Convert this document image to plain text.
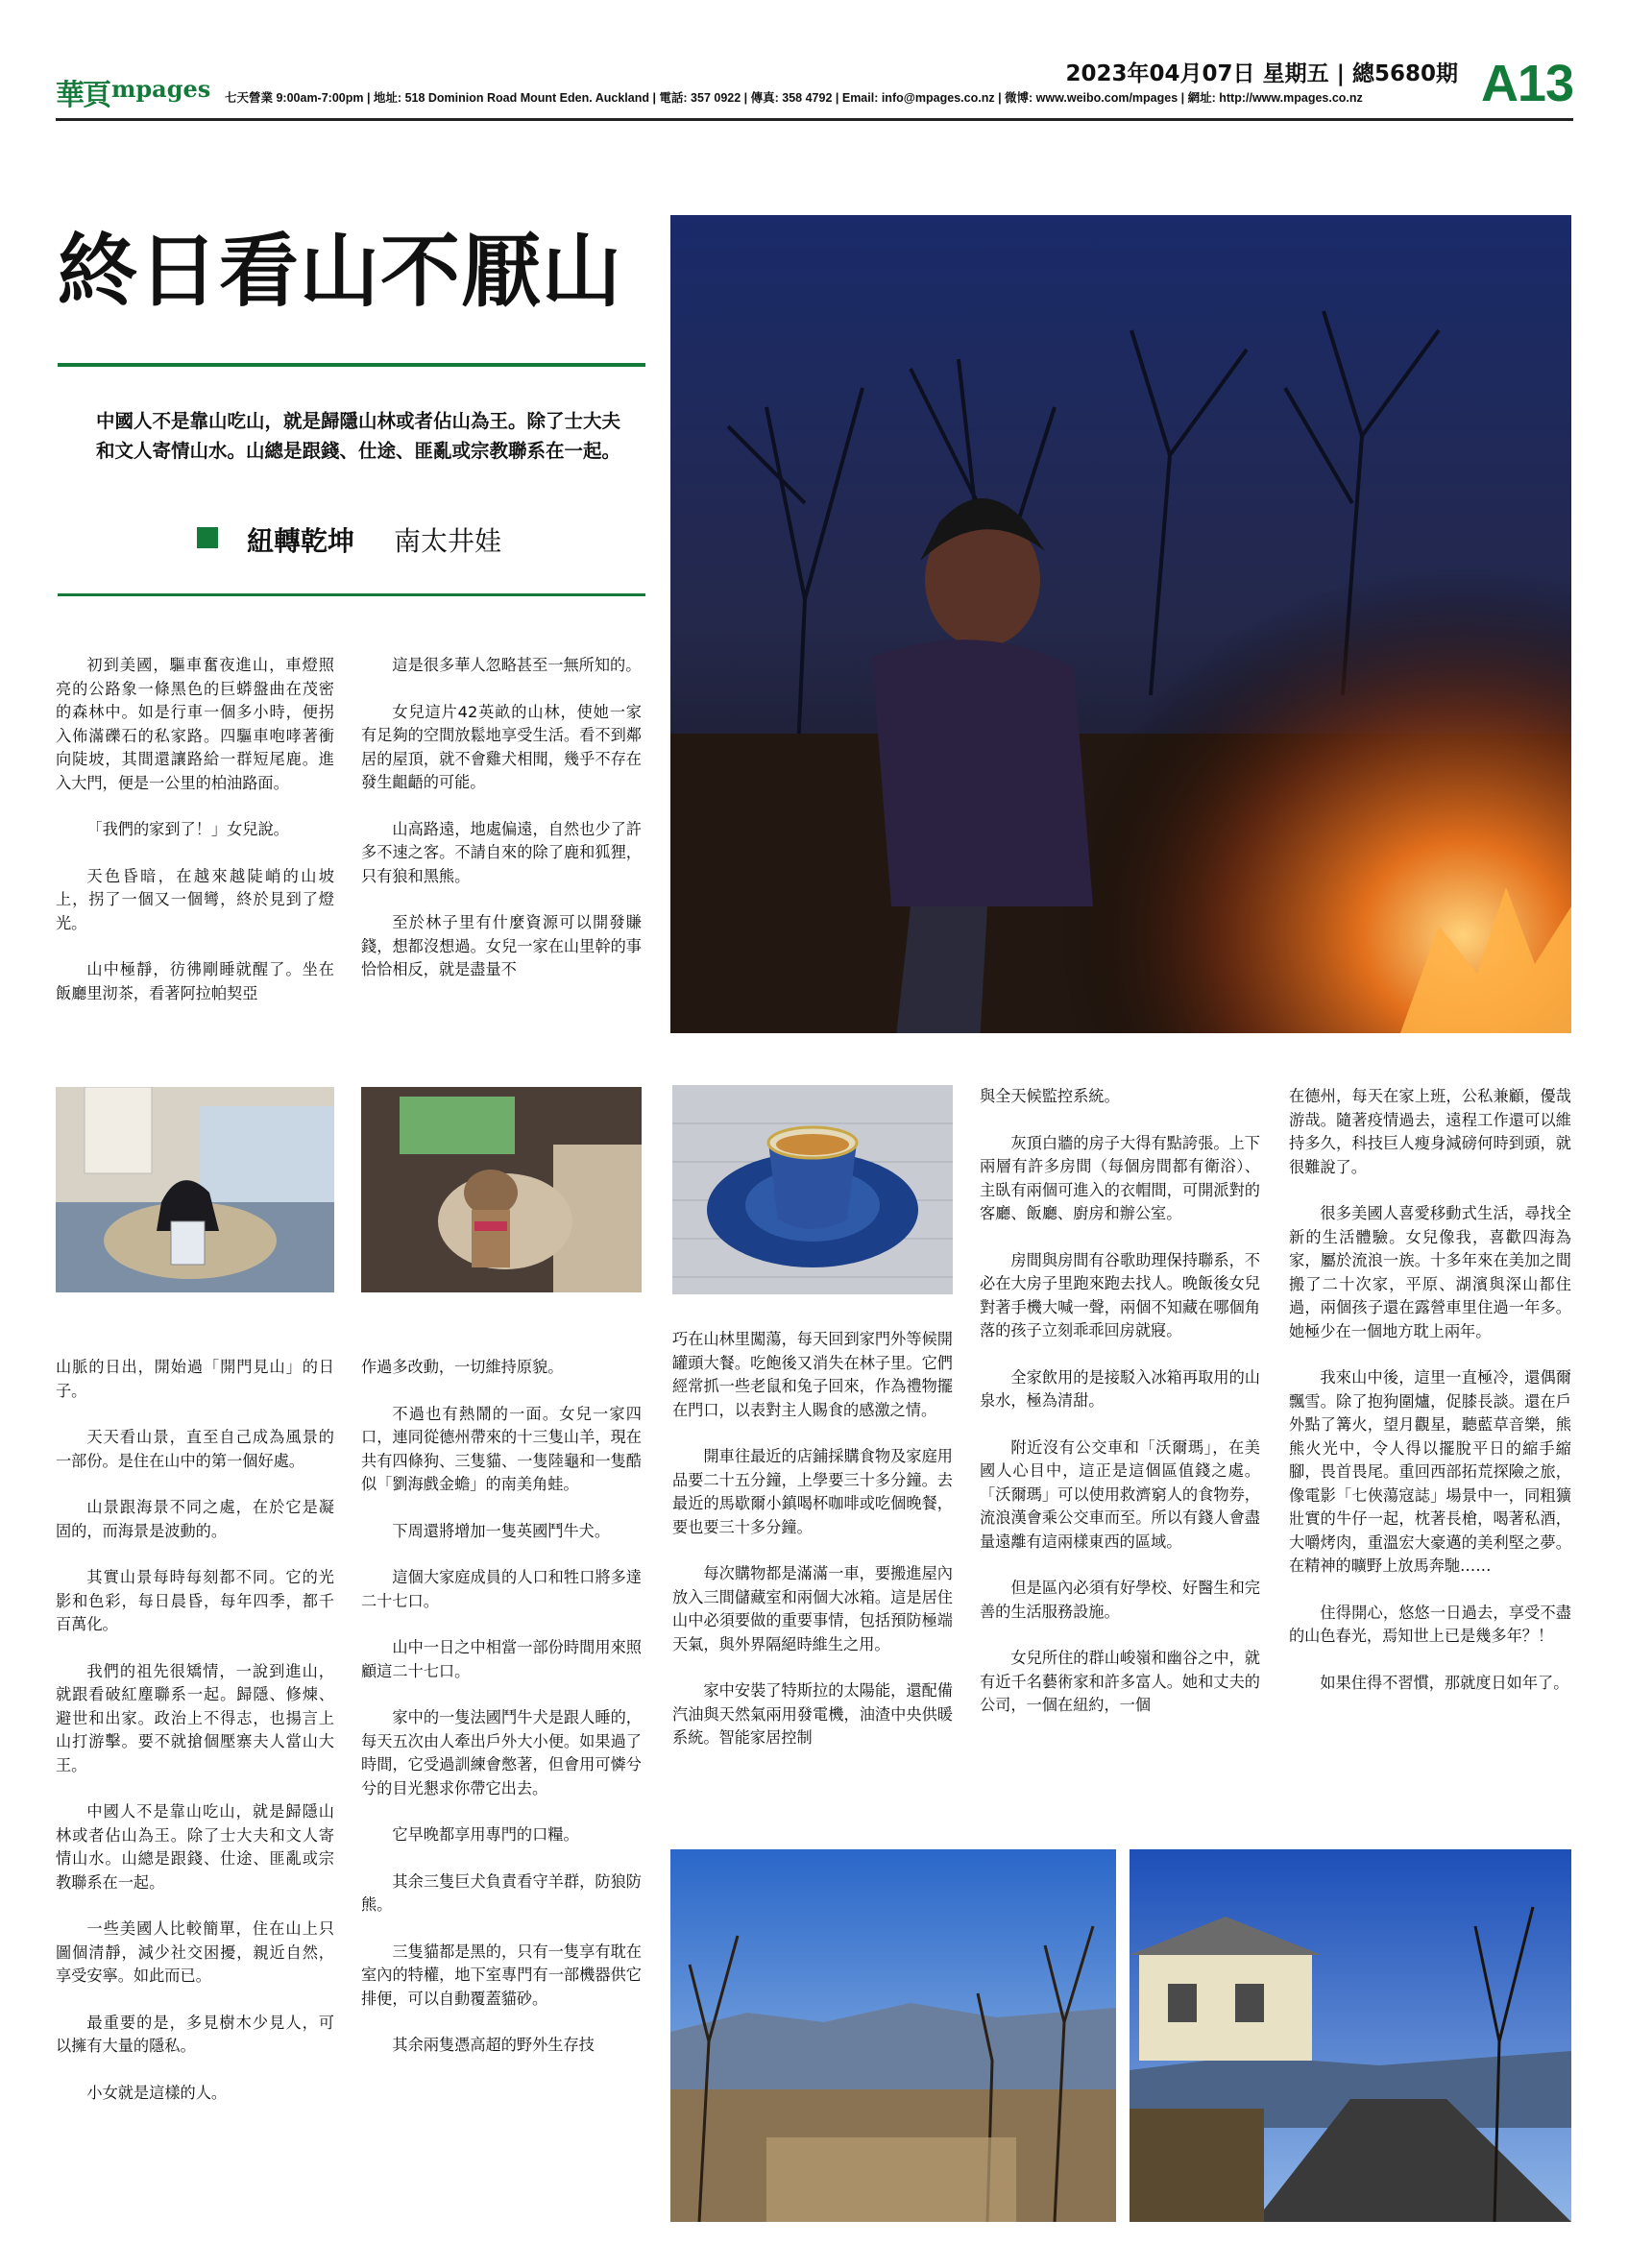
華頁 mpages
2023年04月07日 星期五 | 總5680期
七天營業 9:00am-7:00pm | 地址: 518 Dominion Road Mount Eden. Auckland | 電話: 357 0922 | 傳真: 358 4792 | Email: info@mpages.co.nz | 微博: www.weibo.com/mpages | 網址: http://www.mpages.co.nz	A13
終日看山不厭山

中國人不是靠山吃山，就是歸隱山林或者佔山為王。除了士大夫和文人寄情山水。山總是跟錢、仕途、匪亂或宗教聯系在一起。

紐轉乾坤 南太井娃

初到美國，驅車奮夜進山，車燈照亮的公路象一條黑色的巨蟒盤曲在茂密的森林中。如是行車一個多小時，便拐入佈滿礫石的私家路。四驅車咆哮著衝向陡坡，其間還讓路給一群短尾鹿。進入大門，便是一公里的柏油路面。

「我們的家到了！」女兒說。

天色昏暗，在越來越陡峭的山坡上，拐了一個又一個彎，終於見到了燈光。

山中極靜，彷彿剛睡就醒了。坐在飯廳里沏茶，看著阿拉帕契亞

這是很多華人忽略甚至一無所知的。

女兒這片42英畝的山林，使她一家有足夠的空間放鬆地享受生活。看不到鄰居的屋頂，就不會雞犬相聞，幾乎不存在發生齟齬的可能。

山高路遠，地處偏遠，自然也少了許多不速之客。不請自來的除了鹿和狐狸，只有狼和黑熊。

至於林子里有什麼資源可以開發賺錢，想都沒想過。女兒一家在山里幹的事恰恰相反，就是盡量不

山脈的日出，開始過「開門見山」的日子。

天天看山景，直至自己成為風景的一部份。是住在山中的第一個好處。

山景跟海景不同之處，在於它是凝固的，而海景是波動的。

其實山景每時每刻都不同。它的光影和色彩，每日晨昏，每年四季，都千百萬化。

我們的祖先很矯情，一說到進山，就跟看破紅塵聯系一起。歸隱、修煉、避世和出家。政治上不得志，也揚言上山打游擊。要不就搶個壓寨夫人當山大王。

中國人不是靠山吃山，就是歸隱山林或者佔山為王。除了士大夫和文人寄情山水。山總是跟錢、仕途、匪亂或宗教聯系在一起。

一些美國人比較簡單，住在山上只圖個清靜，減少社交困擾，親近自然，享受安寧。如此而已。

最重要的是，多見樹木少見人，可以擁有大量的隱私。

小女就是這樣的人。

作過多改動，一切維持原貌。

不過也有熱鬧的一面。女兒一家四口，連同從德州帶來的十三隻山羊，現在共有四條狗、三隻貓、一隻陸龜和一隻酷似「劉海戲金蟾」的南美角蛙。

下周還將增加一隻英國鬥牛犬。

這個大家庭成員的人口和牲口將多達二十七口。

山中一日之中相當一部份時間用來照顧這二十七口。

家中的一隻法國鬥牛犬是跟人睡的，每天五次由人牽出戶外大小便。如果過了時間，它受過訓練會憋著，但會用可憐兮兮的目光懇求你帶它出去。

它早晚都享用專門的口糧。

其余三隻巨犬負責看守羊群，防狼防熊。

三隻貓都是黑的，只有一隻享有耽在室內的特權，地下室專門有一部機器供它排便，可以自動覆蓋貓砂。

其余兩隻憑高超的野外生存技

巧在山林里闖蕩，每天回到家門外等候開罐頭大餐。吃飽後又消失在林子里。它們經常抓一些老鼠和兔子回來，作為禮物擺在門口，以表對主人賜食的感激之情。

開車往最近的店鋪採購食物及家庭用品要二十五分鐘，上學要三十多分鐘。去最近的馬歇爾小鎮喝杯咖啡或吃個晚餐，要也要三十多分鐘。

每次購物都是滿滿一車，要搬進屋內放入三間儲藏室和兩個大冰箱。這是居住山中必須要做的重要事情，包括預防極端天氣，與外界隔絕時維生之用。

家中安裝了特斯拉的太陽能，還配備汽油與天然氣兩用發電機，油渣中央供暖系統。智能家居控制

與全天候監控系統。

灰頂白牆的房子大得有點誇張。上下兩層有許多房間（每個房間都有衛浴）、主臥有兩個可進入的衣帽間，可開派對的客廳、飯廳、廚房和辦公室。

房間與房間有谷歌助理保持聯系，不必在大房子里跑來跑去找人。晚飯後女兒對著手機大喊一聲，兩個不知藏在哪個角落的孩子立刻乖乖回房就寢。

全家飲用的是接駁入冰箱再取用的山泉水，極為清甜。

附近沒有公交車和「沃爾瑪」，在美國人心目中，這正是這個區值錢之處。「沃爾瑪」可以使用救濟窮人的食物券，流浪漢會乘公交車而至。所以有錢人會盡量遠離有這兩樣東西的區域。

但是區內必須有好學校、好醫生和完善的生活服務設施。

女兒所住的群山峻嶺和幽谷之中，就有近千名藝術家和許多富人。她和丈夫的公司，一個在紐約，一個

在德州，每天在家上班，公私兼顧，優哉游哉。隨著疫情過去，遠程工作還可以維持多久，科技巨人瘦身減磅何時到頭，就很難說了。

很多美國人喜愛移動式生活，尋找全新的生活體驗。女兒像我，喜歡四海為家，屬於流浪一族。十多年來在美加之間搬了二十次家，平原、湖濱與深山都住過，兩個孩子還在露營車里住過一年多。她極少在一個地方耽上兩年。

我來山中後，這里一直極冷，還偶爾飄雪。除了抱狗圍爐，促膝長談。還在戶外點了篝火，望月觀星，聽藍草音樂，熊熊火光中，令人得以擺脫平日的縮手縮腳，畏首畏尾。重回西部拓荒探險之旅，像電影「七俠蕩寇誌」場景中一，同粗獷壯實的牛仔一起，枕著長槍，喝著私酒，大嚼烤肉，重溫宏大豪邁的美利堅之夢。在精神的曠野上放馬奔馳……

住得開心，悠悠一日過去，享受不盡的山色春光，焉知世上已是幾多年？！

如果住得不習慣，那就度日如年了。
